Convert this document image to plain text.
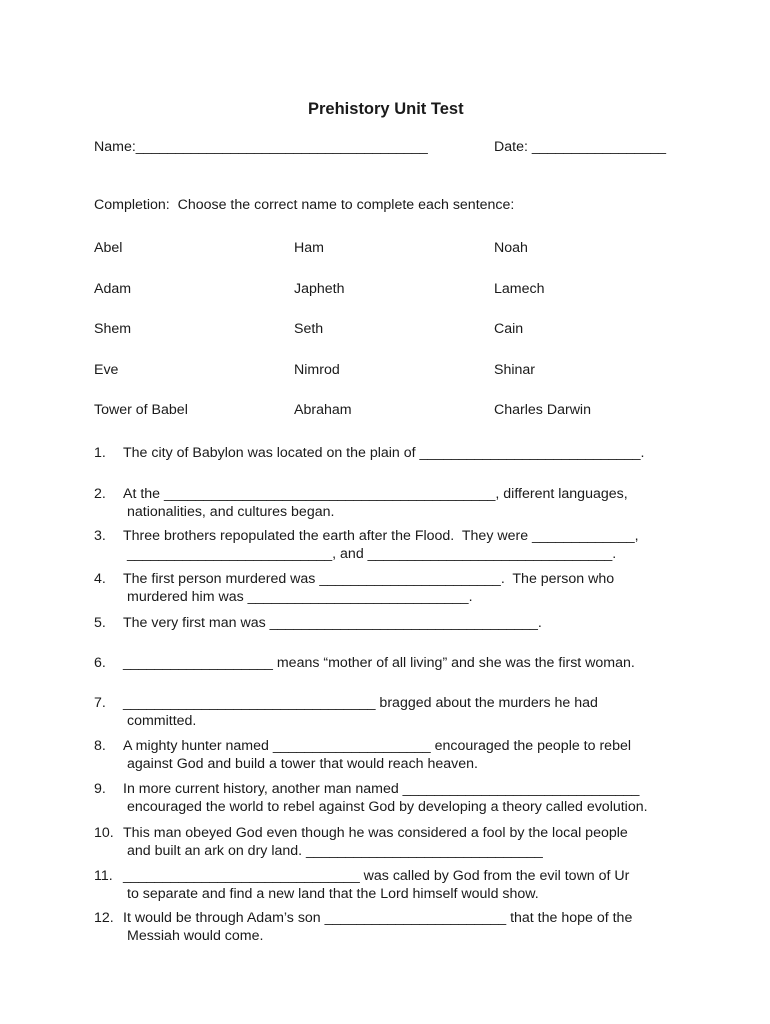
Prehistory Unit Test
Name:_____________________________________	Date: _________________
Completion:  Choose the correct name to complete each sentence:
Abel	Ham	Noah
Adam	Japheth	Lamech
Shem	Seth	Cain
Eve	Nimrod	Shinar
Tower of Babel	Abraham	Charles Darwin
1. The city of Babylon was located on the plain of ____________________________.
2. At the __________________________________________, different languages,
nationalities, and cultures began.
3. Three brothers repopulated the earth after the Flood.  They were _____________,
__________________________, and _______________________________.
4. The first person murdered was _______________________.  The person who
murdered him was ____________________________.
5. The very first man was __________________________________.
6. ___________________ means “mother of all living” and she was the first woman.
7. ________________________________ bragged about the murders he had
committed.
8. A mighty hunter named ____________________ encouraged the people to rebel
against God and build a tower that would reach heaven.
9. In more current history, another man named ______________________________
encouraged the world to rebel against God by developing a theory called evolution.
10. This man obeyed God even though he was considered a fool by the local people
and built an ark on dry land. ______________________________
11. ______________________________ was called by God from the evil town of Ur
to separate and find a new land that the Lord himself would show.
12. It would be through Adam’s son _______________________ that the hope of the
Messiah would come.
